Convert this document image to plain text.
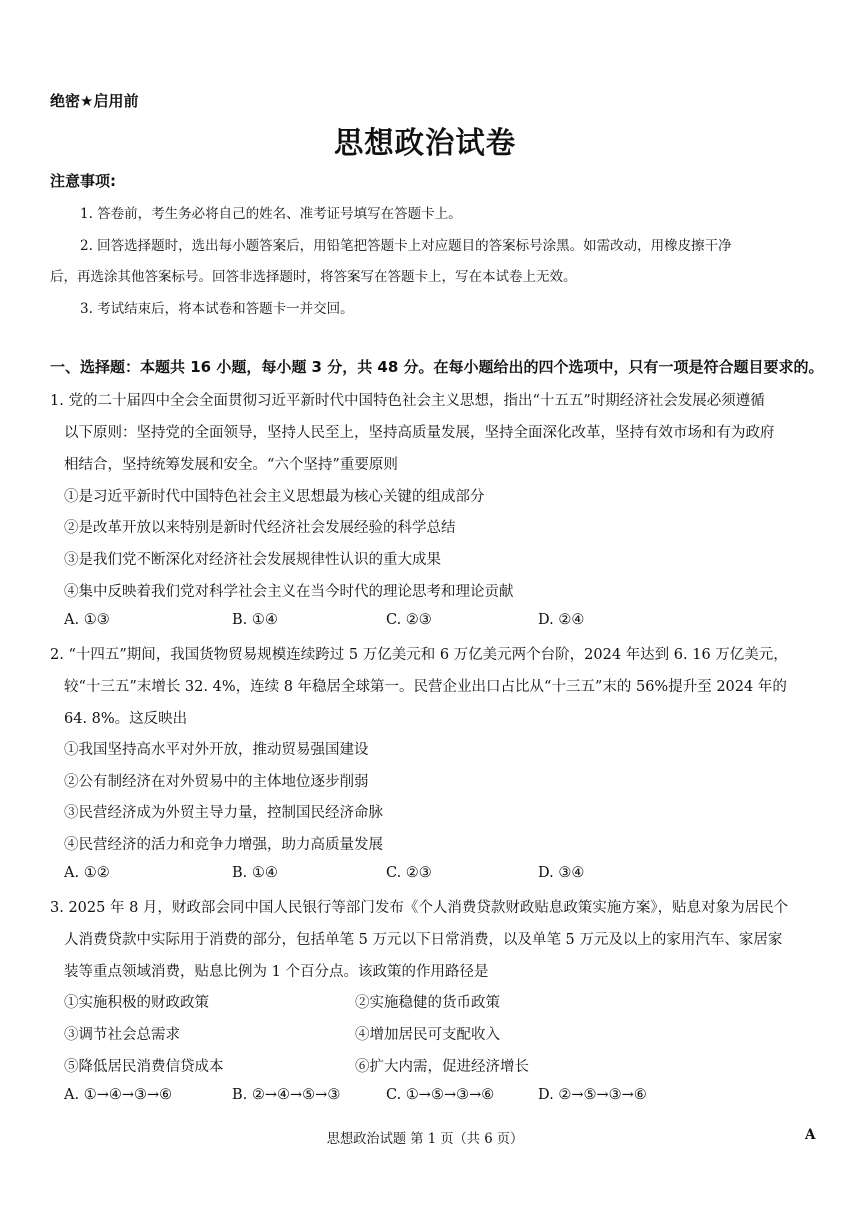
绝密★启用前
思想政治试卷
注意事项:
1. 答卷前，考生务必将自己的姓名、准考证号填写在答题卡上。
2. 回答选择题时，选出每小题答案后，用铅笔把答题卡上对应题目的答案标号涂黑。如需改动，用橡皮擦干净
后，再选涂其他答案标号。回答非选择题时，将答案写在答题卡上，写在本试卷上无效。
3. 考试结束后，将本试卷和答题卡一并交回。
一、选择题：本题共 16 小题，每小题 3 分，共 48 分。在每小题给出的四个选项中，只有一项是符合题目要求的。
1. 党的二十届四中全会全面贯彻习近平新时代中国特色社会主义思想，指出“十五五”时期经济社会发展必须遵循
以下原则：坚持党的全面领导，坚持人民至上，坚持高质量发展，坚持全面深化改革，坚持有效市场和有为政府
相结合，坚持统筹发展和安全。“六个坚持”重要原则
①是习近平新时代中国特色社会主义思想最为核心关键的组成部分
②是改革开放以来特别是新时代经济社会发展经验的科学总结
③是我们党不断深化对经济社会发展规律性认识的重大成果
④集中反映着我们党对科学社会主义在当今时代的理论思考和理论贡献
A. ①③	B. ①④	C. ②③	D. ②④
2. “十四五”期间，我国货物贸易规模连续跨过 5 万亿美元和 6 万亿美元两个台阶，2024 年达到 6. 16 万亿美元，
较“十三五”末增长 32. 4%，连续 8 年稳居全球第一。民营企业出口占比从“十三五”末的 56%提升至 2024 年的
64. 8%。这反映出
①我国坚持高水平对外开放，推动贸易强国建设
②公有制经济在对外贸易中的主体地位逐步削弱
③民营经济成为外贸主导力量，控制国民经济命脉
④民营经济的活力和竞争力增强，助力高质量发展
A. ①②	B. ①④	C. ②③	D. ③④
3. 2025 年 8 月，财政部会同中国人民银行等部门发布《个人消费贷款财政贴息政策实施方案》，贴息对象为居民个
人消费贷款中实际用于消费的部分，包括单笔 5 万元以下日常消费，以及单笔 5 万元及以上的家用汽车、家居家
装等重点领域消费，贴息比例为 1 个百分点。该政策的作用路径是
①实施积极的财政政策	②实施稳健的货币政策
③调节社会总需求	④增加居民可支配收入
⑤降低居民消费信贷成本	⑥扩大内需，促进经济增长
A. ①→④→③→⑥	B. ②→④→⑤→③	C. ①→⑤→③→⑥	D. ②→⑤→③→⑥
思想政治试题 第 1 页（共 6 页）	A
